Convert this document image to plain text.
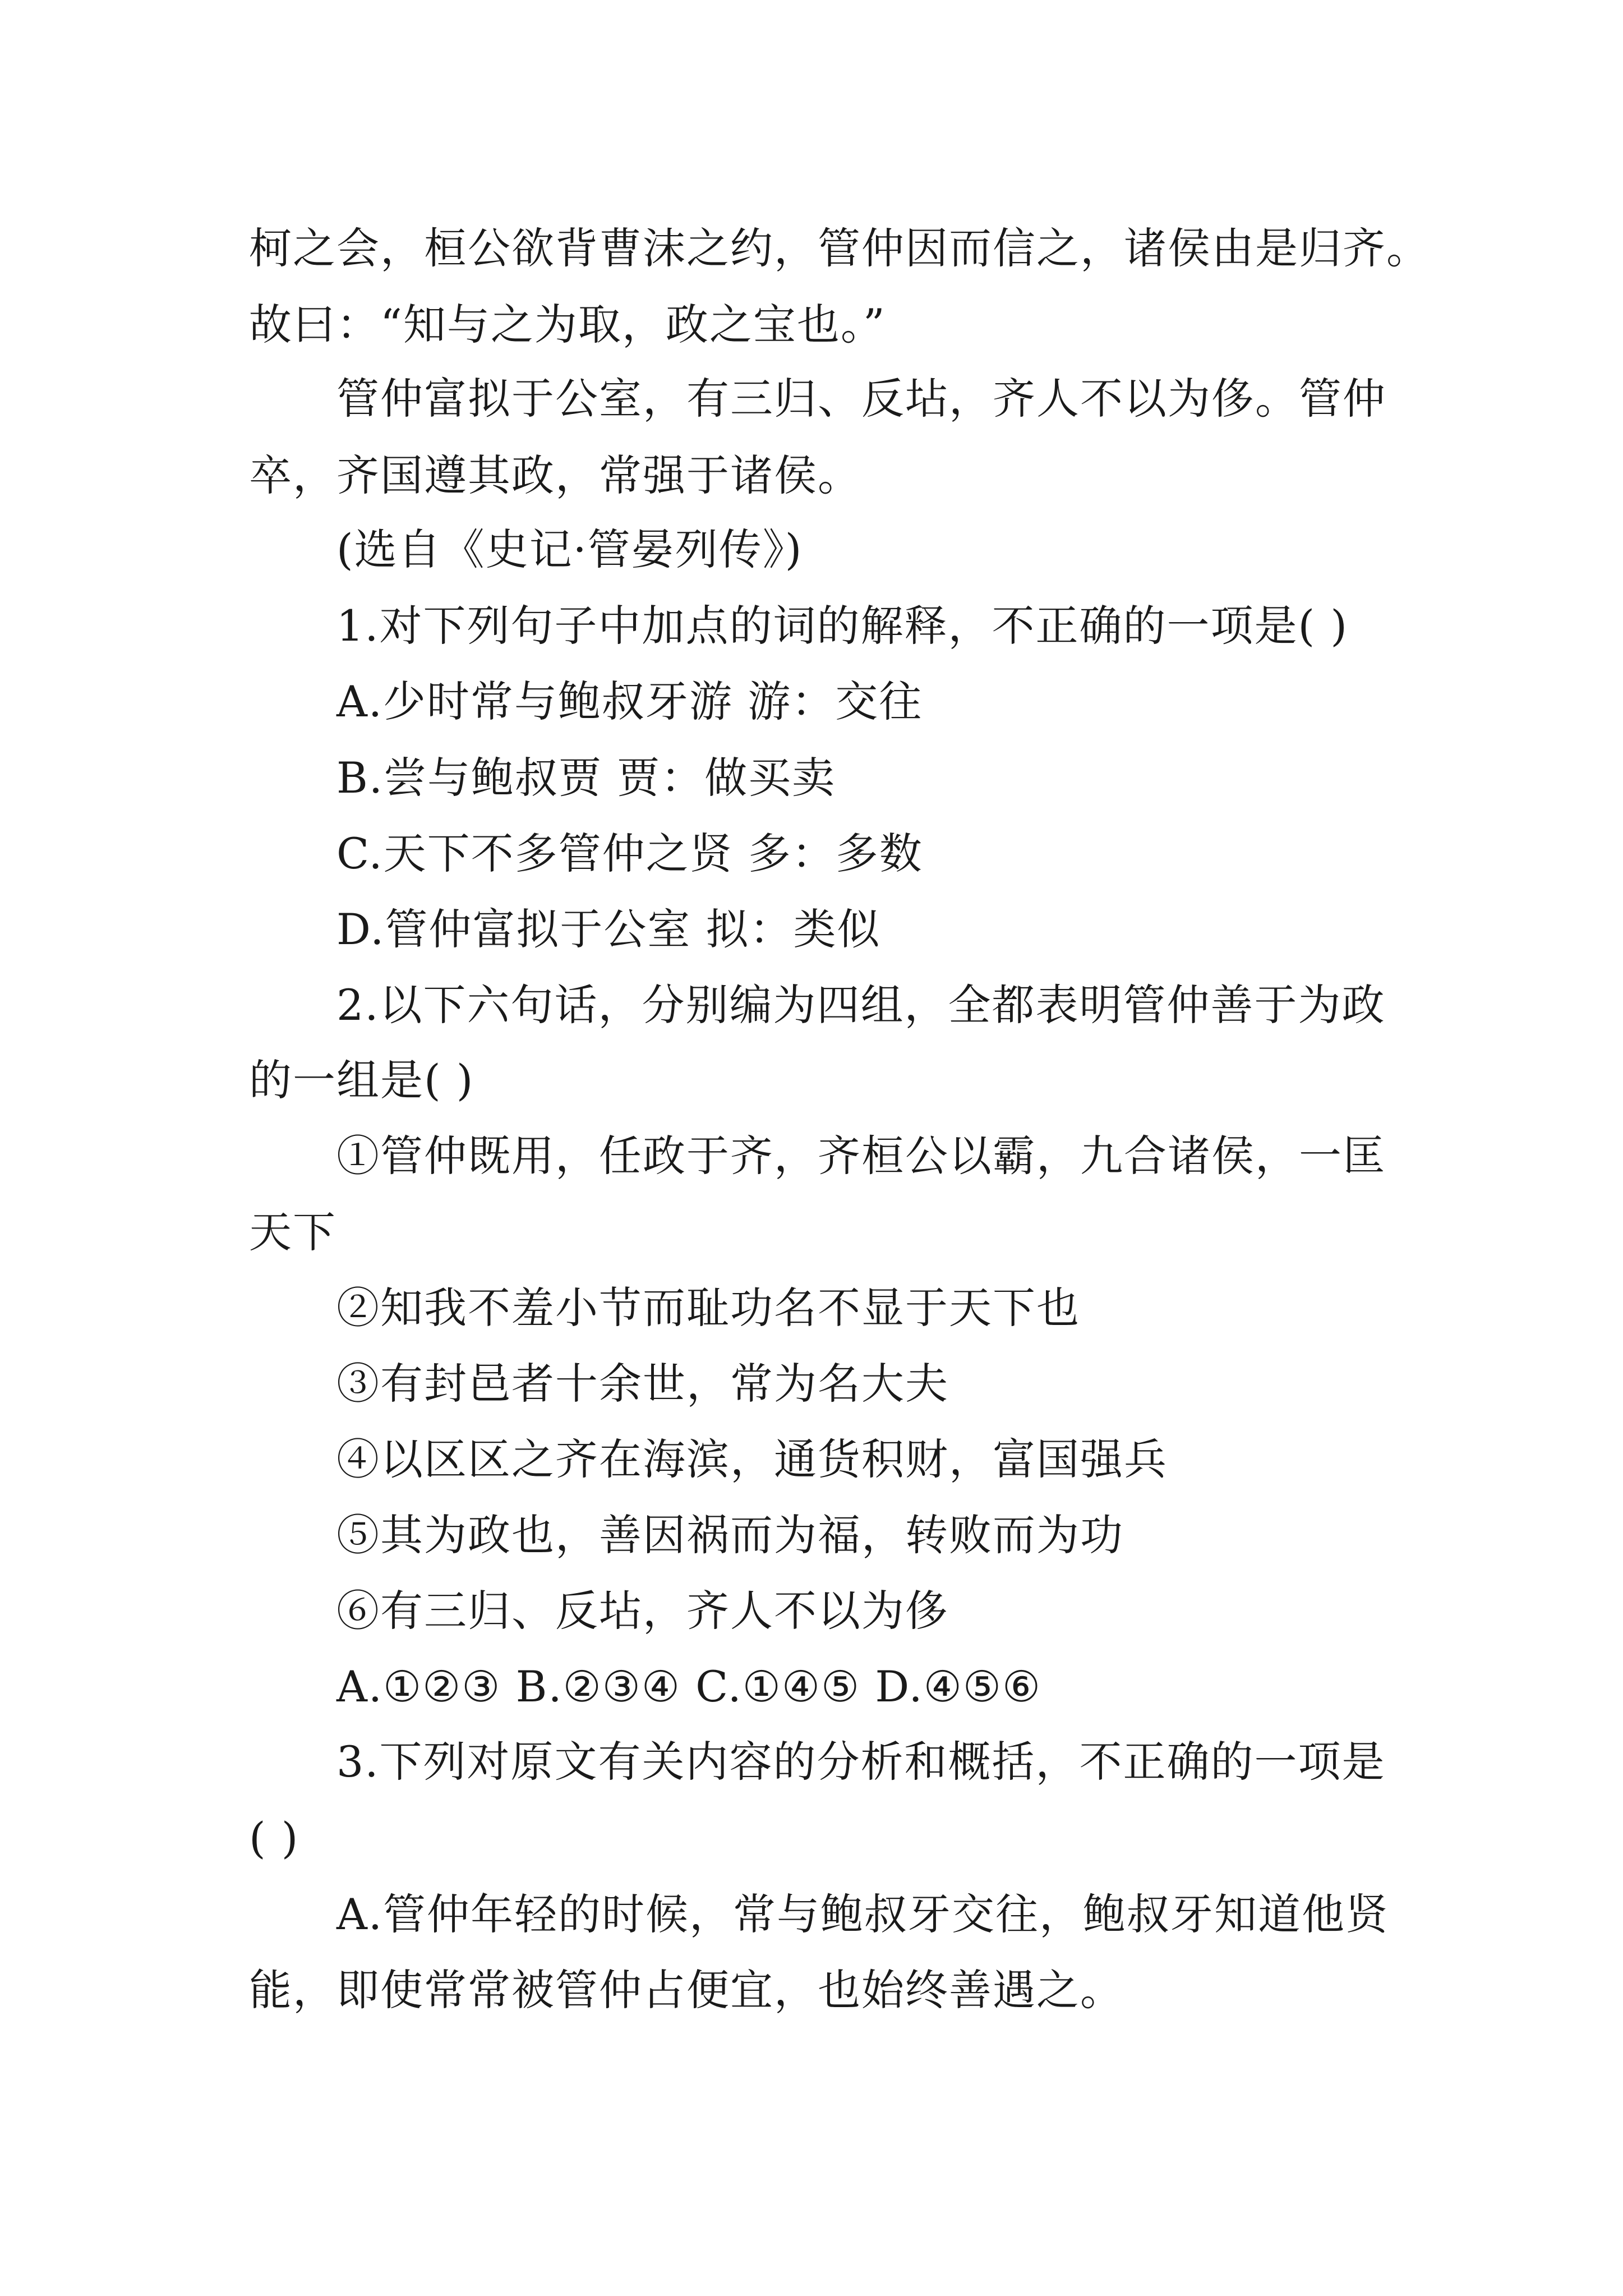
柯之会，桓公欲背曹沫之约，管仲因而信之，诸侯由是归齐。
故曰：“知与之为取，政之宝也。”
管仲富拟于公室，有三归、反坫，齐人不以为侈。管仲
卒，齐国遵其政，常强于诸侯。
(选自《史记·管晏列传》)
1.对下列句子中加点的词的解释，不正确的一项是( )
A.少时常与鲍叔牙游 游：交往
B.尝与鲍叔贾 贾：做买卖
C.天下不多管仲之贤 多：多数
D.管仲富拟于公室 拟：类似
2.以下六句话，分别编为四组，全都表明管仲善于为政
的一组是( )
①管仲既用，任政于齐，齐桓公以霸，九合诸侯，一匡
天下
②知我不羞小节而耻功名不显于天下也
③有封邑者十余世，常为名大夫
④以区区之齐在海滨，通货积财，富国强兵
⑤其为政也，善因祸而为福，转败而为功
⑥有三归、反坫，齐人不以为侈
A.①②③ B.②③④ C.①④⑤ D.④⑤⑥
3.下列对原文有关内容的分析和概括，不正确的一项是
( )
A.管仲年轻的时候，常与鲍叔牙交往，鲍叔牙知道他贤
能，即使常常被管仲占便宜，也始终善遇之。
